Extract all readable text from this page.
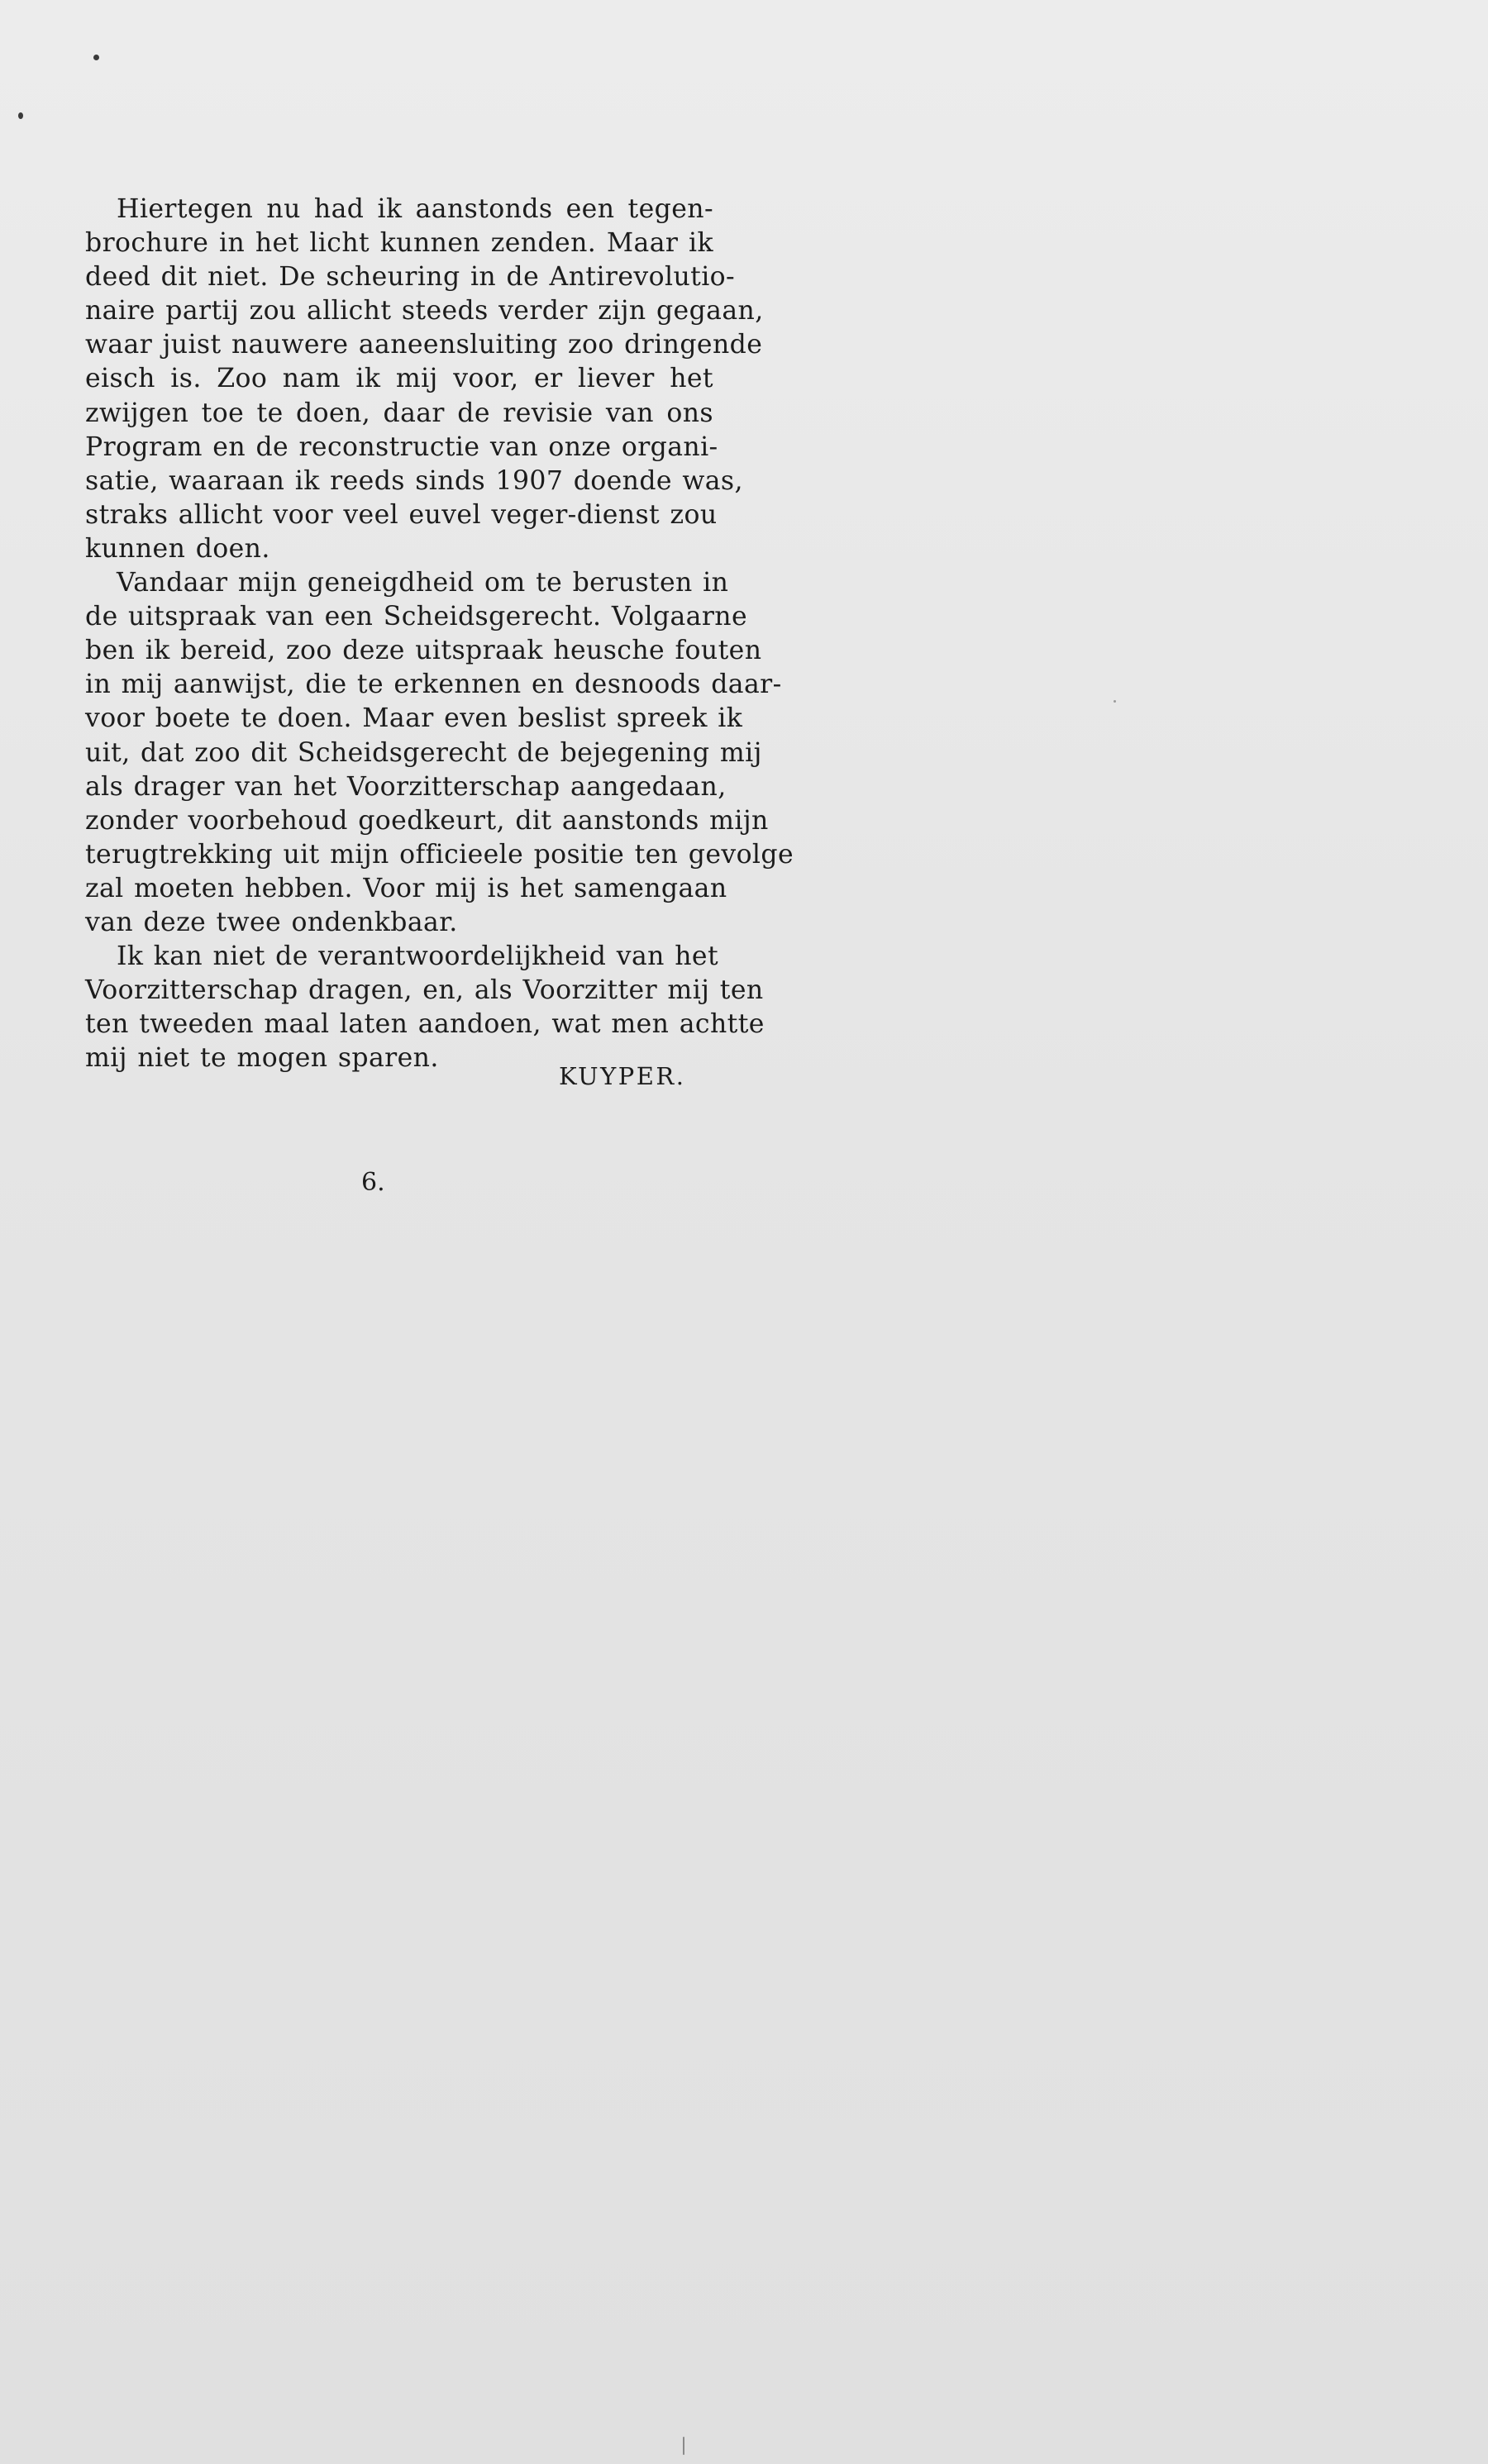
Hiertegen nu had ik aanstonds een tegen-
brochure in het licht kunnen zenden. Maar ik
deed dit niet. De scheuring in de Antirevolutio-
naire partij zou allicht steeds verder zijn gegaan,
waar juist nauwere aaneensluiting zoo dringende
eisch is. Zoo nam ik mij voor, er liever het
zwijgen toe te doen, daar de revisie van ons
Program en de reconstructie van onze organi-
satie, waaraan ik reeds sinds 1907 doende was,
straks allicht voor veel euvel veger-dienst zou
kunnen doen.
Vandaar mijn geneigdheid om te berusten in
de uitspraak van een Scheidsgerecht. Volgaarne
ben ik bereid, zoo deze uitspraak heusche fouten
in mij aanwijst, die te erkennen en desnoods daar-
voor boete te doen. Maar even beslist spreek ik
uit, dat zoo dit Scheidsgerecht de bejegening mij
als drager van het Voorzitterschap aangedaan,
zonder voorbehoud goedkeurt, dit aanstonds mijn
terugtrekking uit mijn officieele positie ten gevolge
zal moeten hebben. Voor mij is het samengaan
van deze twee ondenkbaar.
Ik kan niet de verantwoordelijkheid van het
Voorzitterschap dragen, en, als Voorzitter mij ten
ten tweeden maal laten aandoen, wat men achtte
mij niet te mogen sparen.
KUYPER.
6.
